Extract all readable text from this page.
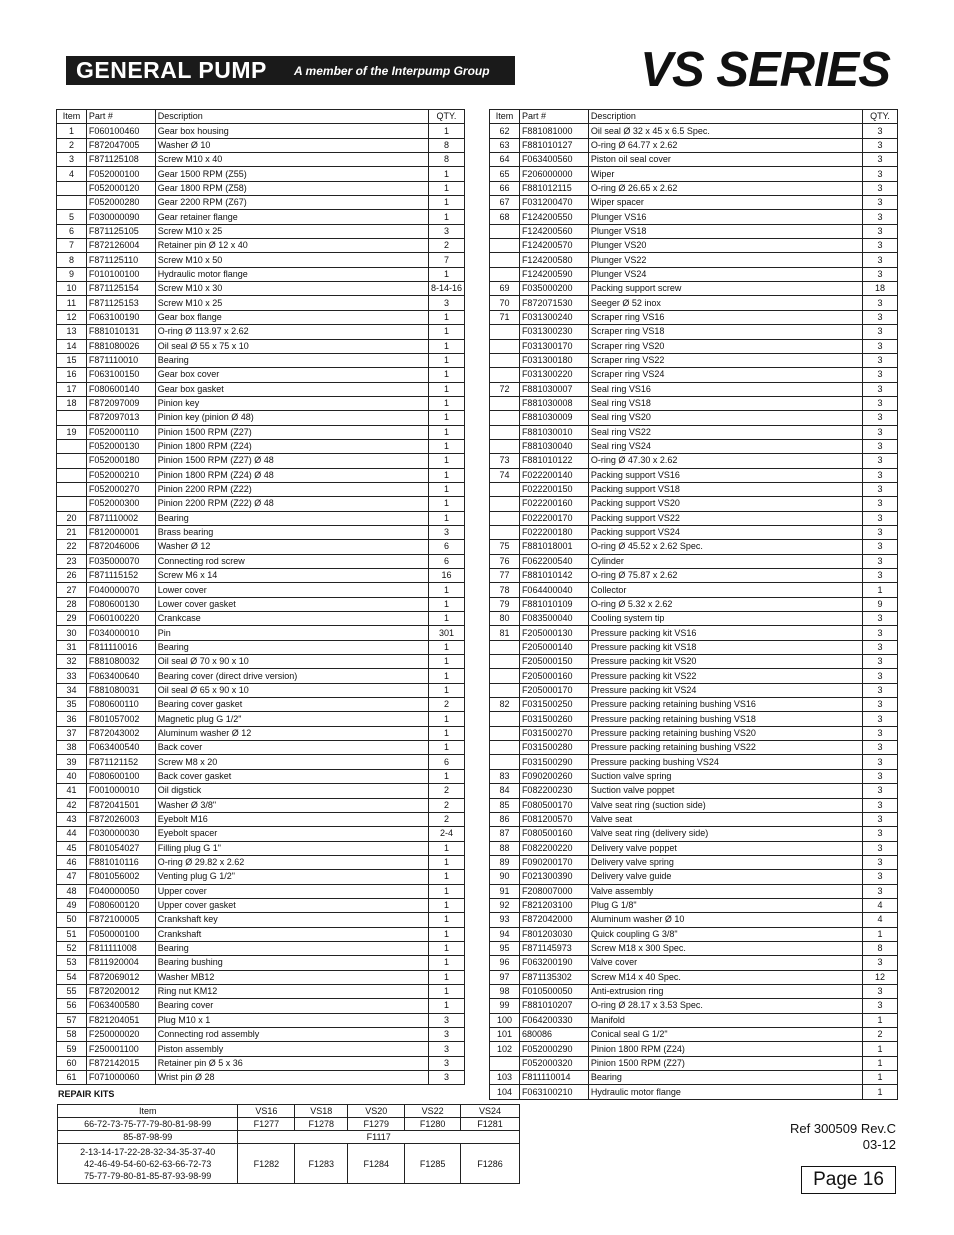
GENERAL PUMP	A member of the Interpump Group	VS SERIES
Item	Part #	Description	QTY.
1	F060100460	Gear box housing	1
2	F872047005	Washer Ø 10	8
3	F871125108	Screw M10 x 40	8
4	F052000100	Gear 1500 RPM (Z55)	1
	F052000120	Gear 1800 RPM (Z58)	1
	F052000280	Gear 2200 RPM (Z67)	1
5	F030000090	Gear retainer flange	1
6	F871125105	Screw M10 x 25	3
7	F872126004	Retainer pin Ø 12 x 40	2
8	F871125110	Screw M10 x 50	7
9	F010100100	Hydraulic motor flange	1
10	F871125154	Screw M10 x 30	8-14-16
11	F871125153	Screw M10 x 25	3
12	F063100190	Gear box flange	1
13	F881010131	O-ring Ø 113.97 x 2.62	1
14	F881080026	Oil seal Ø 55 x 75 x 10	1
15	F871110010	Bearing	1
16	F063100150	Gear box cover	1
17	F080600140	Gear box gasket	1
18	F872097009	Pinion key	1
	F872097013	Pinion key (pinion Ø 48)	1
19	F052000110	Pinion 1500 RPM (Z27)	1
	F052000130	Pinion 1800 RPM (Z24)	1
	F052000180	Pinion 1500 RPM (Z27) Ø 48	1
	F052000210	Pinion 1800 RPM (Z24) Ø 48	1
	F052000270	Pinion 2200 RPM (Z22)	1
	F052000300	Pinion 2200 RPM (Z22) Ø 48	1
20	F871110002	Bearing	1
21	F812000001	Brass bearing	3
22	F872046006	Washer Ø 12	6
23	F035000070	Connecting rod screw	6
26	F871115152	Screw M6 x 14	16
27	F040000070	Lower cover	1
28	F080600130	Lower cover gasket	1
29	F060100220	Crankcase	1
30	F034000010	Pin	301
31	F811110016	Bearing	1
32	F881080032	Oil seal Ø 70 x 90 x 10	1
33	F063400640	Bearing cover (direct drive version)	1
34	F881080031	Oil seal Ø 65 x 90 x 10	1
35	F080600110	Bearing cover gasket	2
36	F801057002	Magnetic plug G 1/2"	1
37	F872043002	Aluminum washer Ø 12	1
38	F063400540	Back cover	1
39	F871121152	Screw M8 x 20	6
40	F080600100	Back cover gasket	1
41	F001000010	Oil digstick	2
42	F872041501	Washer Ø 3/8"	2
43	F872026003	Eyebolt M16	2
44	F030000030	Eyebolt spacer	2-4
45	F801054027	Filling plug G 1"	1
46	F881010116	O-ring Ø 29.82 x 2.62	1
47	F801056002	Venting plug G 1/2"	1
48	F040000050	Upper cover	1
49	F080600120	Upper cover gasket	1
50	F872100005	Crankshaft key	1
51	F050000100	Crankshaft	1
52	F811111008	Bearing	1
53	F811920004	Bearing bushing	1
54	F872069012	Washer MB12	1
55	F872020012	Ring nut KM12	1
56	F063400580	Bearing cover	1
57	F821204051	Plug M10 x 1	3
58	F250000020	Connecting rod assembly	3
59	F250001100	Piston assembly	3
60	F872142015	Retainer pin Ø 5 x 36	3
61	F071000060	Wrist pin Ø 28	3
Item	Part #	Description	QTY.
62	F881081000	Oil seal Ø 32 x 45 x 6.5 Spec.	3
63	F881010127	O-ring Ø 64.77 x 2.62	3
64	F063400560	Piston oil seal cover	3
65	F206000000	Wiper	3
66	F881012115	O-ring Ø 26.65 x 2.62	3
67	F031200470	Wiper spacer	3
68	F124200550	Plunger VS16	3
	F124200560	Plunger VS18	3
	F124200570	Plunger VS20	3
	F124200580	Plunger VS22	3
	F124200590	Plunger VS24	3
69	F035000200	Packing support screw	18
70	F872071530	Seeger Ø 52 inox	3
71	F031300240	Scraper ring VS16	3
	F031300230	Scraper ring VS18	3
	F031300170	Scraper ring VS20	3
	F031300180	Scraper ring VS22	3
	F031300220	Scraper ring VS24	3
72	F881030007	Seal ring VS16	3
	F881030008	Seal ring VS18	3
	F881030009	Seal ring VS20	3
	F881030010	Seal ring VS22	3
	F881030040	Seal ring VS24	3
73	F881010122	O-ring Ø 47.30 x 2.62	3
74	F022200140	Packing support VS16	3
	F022200150	Packing support VS18	3
	F022200160	Packing support VS20	3
	F022200170	Packing support VS22	3
	F022200180	Packing support VS24	3
75	F881018001	O-ring Ø 45.52 x 2.62 Spec.	3
76	F062200540	Cylinder	3
77	F881010142	O-ring Ø 75.87 x 2.62	3
78	F064400040	Collector	1
79	F881010109	O-ring Ø 5.32 x 2.62	9
80	F083500040	Cooling system tip	3
81	F205000130	Pressure packing kit VS16	3
	F205000140	Pressure packing kit VS18	3
	F205000150	Pressure packing kit VS20	3
	F205000160	Pressure packing kit VS22	3
	F205000170	Pressure packing kit VS24	3
82	F031500250	Pressure packing retaining bushing VS16	3
	F031500260	Pressure packing retaining bushing VS18	3
	F031500270	Pressure packing retaining bushing VS20	3
	F031500280	Pressure packing retaining bushing VS22	3
	F031500290	Pressure packing bushing VS24	3
83	F090200260	Suction valve spring	3
84	F082200230	Suction valve poppet	3
85	F080500170	Valve seat ring (suction side)	3
86	F081200570	Valve seat	3
87	F080500160	Valve seat ring (delivery side)	3
88	F082200220	Delivery valve poppet	3
89	F090200170	Delivery valve spring	3
90	F021300390	Delivery valve guide	3
91	F208007000	Valve assembly	3
92	F821203100	Plug G 1/8"	4
93	F872042000	Aluminum washer Ø 10	4
94	F801203030	Quick coupling G 3/8"	1
95	F871145973	Screw M18 x 300 Spec.	8
96	F063200190	Valve cover	3
97	F871135302	Screw M14 x 40 Spec.	12
98	F010500050	Anti-extrusion ring	3
99	F881010207	O-ring Ø 28.17 x 3.53 Spec.	3
100	F064200330	Manifold	1
101	680086	Conical seal G 1/2"	2
102	F052000290	Pinion 1800 RPM (Z24)	1
	F052000320	Pinion 1500 RPM (Z27)	1
103	F811110014	Bearing	1
104	F063100210	Hydraulic motor flange	1
REPAIR KITS
Item	VS16	VS18	VS20	VS22	VS24
66-72-73-75-77-79-80-81-98-99	F1277	F1278	F1279	F1280	F1281
85-87-98-99	F1117				

2-13-14-17-22-28-32-34-35-37-40
42-46-49-54-60-62-63-66-72-73
75-77-79-80-81-85-87-93-98-99	F1282	F1283	F1284	F1285	F1286
Ref 300509 Rev.C
03-12
Page 16
